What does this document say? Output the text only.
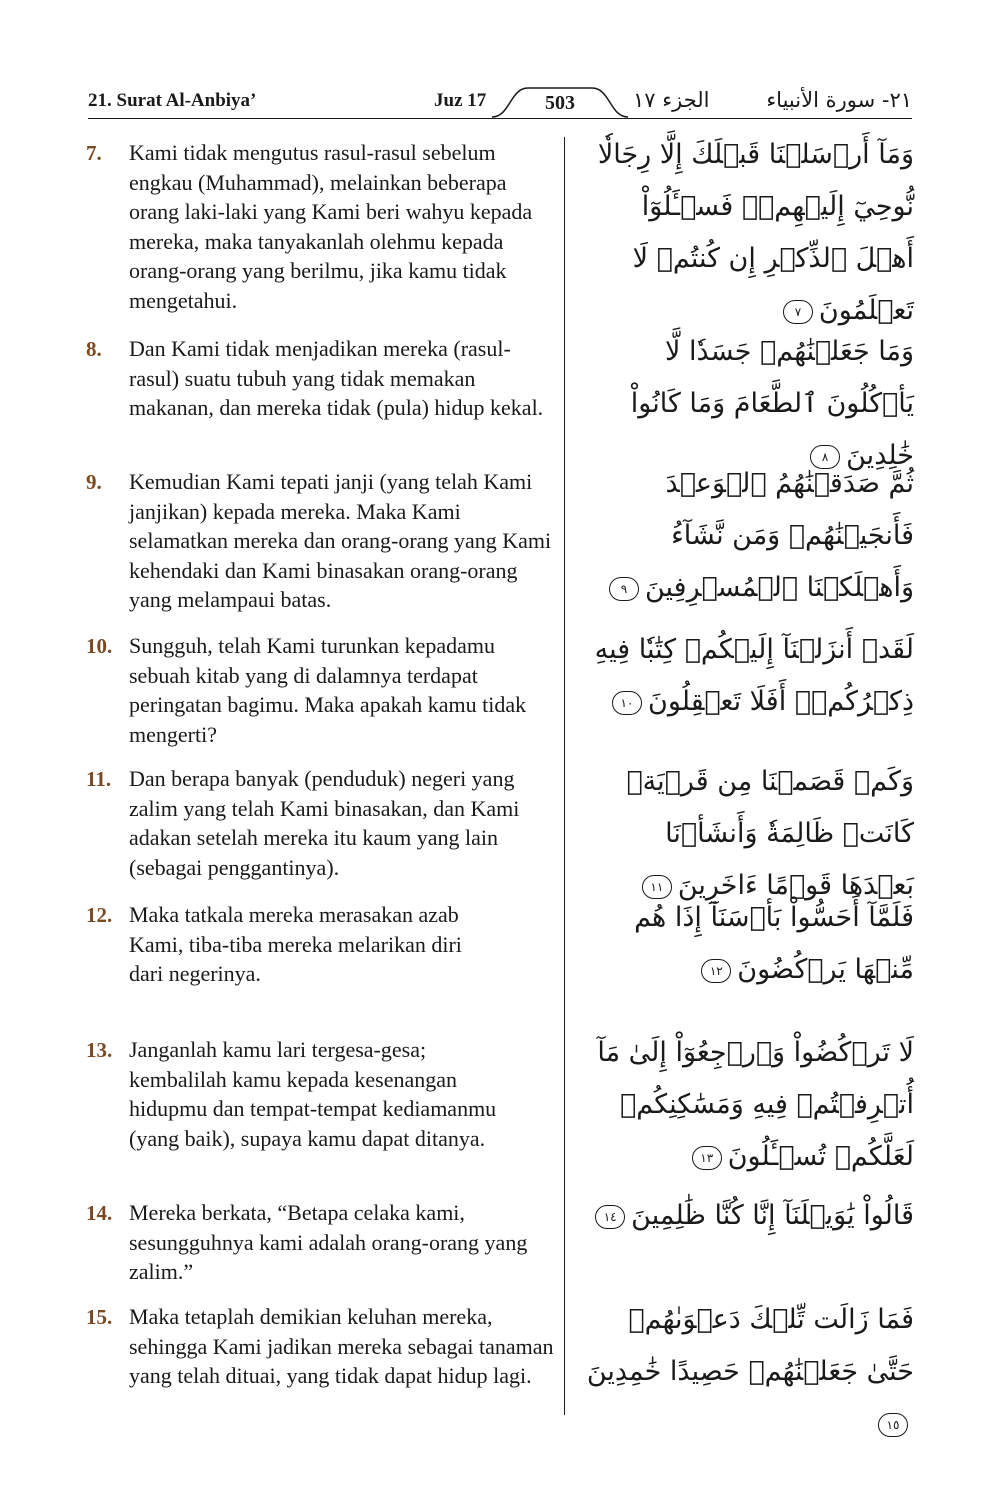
21. Surat Al-Anbiya’	Juz 17	503	الجزء ١٧	٢١- سورة الأنبياء
7.	Kami tidak mengutus rasul-rasul sebelum engkau (Muhammad), melainkan beberapa orang laki-laki yang Kami beri wahyu kepada mereka, maka tanyakanlah olehmu kepada orang-orang yang berilmu, jika kamu tidak mengetahui.
وَمَآ أَرۡسَلۡنَا قَبۡلَكَ إِلَّا رِجَالٗا نُّوحِيٓ إِلَيۡهِمۡۖ فَسۡـَٔلُوٓاْ أَهۡلَ ٱلذِّكۡرِ إِن كُنتُمۡ لَا تَعۡلَمُونَ٧
8.	Dan Kami tidak menjadikan mereka (rasul-rasul) suatu tubuh yang tidak memakan makanan, dan mereka tidak (pula) hidup kekal.
وَمَا جَعَلۡنَٰهُمۡ جَسَدٗا لَّا يَأۡكُلُونَ ٱلطَّعَامَ وَمَا كَانُواْ خَٰلِدِينَ٨
9.	Kemudian Kami tepati janji (yang telah Kami janjikan) kepada mereka. Maka Kami selamatkan mereka dan orang-orang yang Kami kehendaki dan Kami binasakan orang-orang yang melampaui batas.
ثُمَّ صَدَقۡنَٰهُمُ ٱلۡوَعۡدَ فَأَنجَيۡنَٰهُمۡ وَمَن نَّشَآءُ وَأَهۡلَكۡنَا ٱلۡمُسۡرِفِينَ٩
10. Sungguh, telah Kami turunkan kepadamu sebuah kitab yang di dalamnya terdapat peringatan bagimu. Maka apakah kamu tidak mengerti?
لَقَدۡ أَنزَلۡنَآ إِلَيۡكُمۡ كِتَٰبٗا فِيهِ ذِكۡرُكُمۡۚ أَفَلَا تَعۡقِلُونَ١٠
11. Dan berapa banyak (penduduk) negeri yang zalim yang telah Kami binasakan, dan Kami adakan setelah mereka itu kaum yang lain (sebagai penggantinya).
وَكَمۡ قَصَمۡنَا مِن قَرۡيَةٖ كَانَتۡ ظَالِمَةٗ وَأَنشَأۡنَا بَعۡدَهَا قَوۡمًا ءَاخَرِينَ١١
12. Maka tatkala mereka merasakan azab Kami, tiba-tiba mereka melarikan diri dari negerinya.
فَلَمَّآ أَحَسُّواْ بَأۡسَنَآ إِذَا هُم مِّنۡهَا يَرۡكُضُونَ١٢
13. Janganlah kamu lari tergesa-gesa; kembalilah kamu kepada kesenangan hidupmu dan tempat-tempat kediamanmu (yang baik), supaya kamu dapat ditanya.
لَا تَرۡكُضُواْ وَٱرۡجِعُوٓاْ إِلَىٰ مَآ أُتۡرِفۡتُمۡ فِيهِ وَمَسَٰكِنِكُمۡ لَعَلَّكُمۡ تُسۡـَٔلُونَ١٣
14. Mereka berkata, “Betapa celaka kami, sesungguhnya kami adalah orang-orang yang zalim.”
قَالُواْ يَٰوَيۡلَنَآ إِنَّا كُنَّا ظَٰلِمِينَ١٤
15. Maka tetaplah demikian keluhan mereka, sehingga Kami jadikan mereka sebagai tanaman yang telah dituai, yang tidak dapat hidup lagi.
فَمَا زَالَت تِّلۡكَ دَعۡوَىٰهُمۡ حَتَّىٰ جَعَلۡنَٰهُمۡ حَصِيدًا خَٰمِدِينَ١٥
